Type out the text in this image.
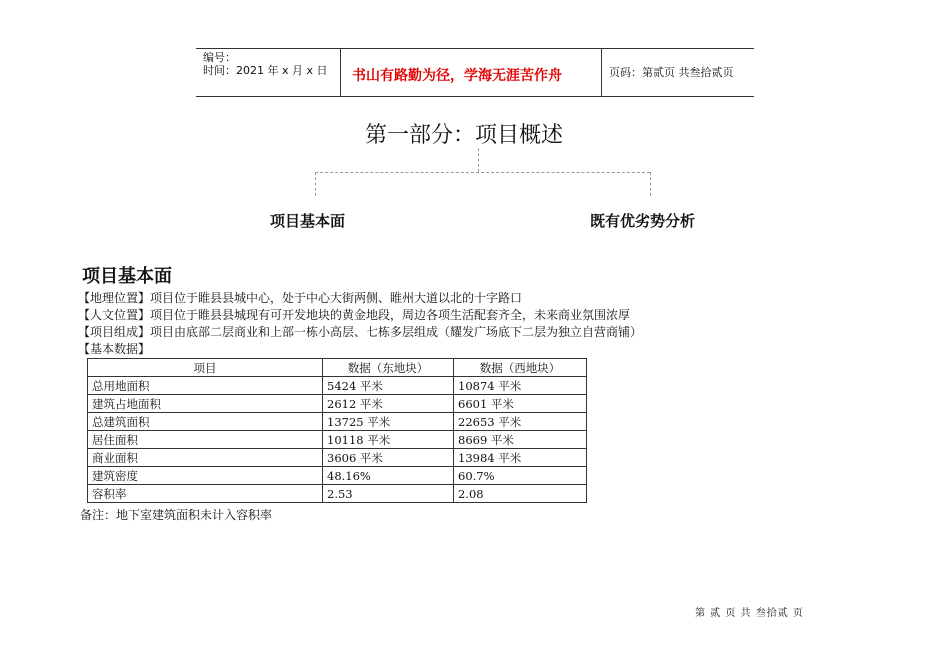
编号：
时间：2021 年 x 月 x 日 书山有路勤为径，学海无涯苦作舟	页码：第贰页 共叁拾贰页
第一部分：项目概述
项目基本面	既有优劣势分析
项目基本面
【地理位置】项目位于睢县县城中心，处于中心大街两侧、睢州大道以北的十字路口
【人文位置】项目位于睢县县城现有可开发地块的黄金地段，周边各项生活配套齐全，未来商业氛围浓厚
【项目组成】项目由底部二层商业和上部一栋小高层、七栋多层组成（耀发广场底下二层为独立自营商铺）
【基本数据】
项目	数据（东地块）	数据（西地块）
总用地面积	5424 平米	10874 平米
建筑占地面积	2612 平米	6601 平米
总建筑面积	13725 平米	22653 平米
居住面积	10118 平米	8669 平米
商业面积	3606 平米	13984 平米
建筑密度	48.16%	60.7%
容积率	2.53	2.08
备注：地下室建筑面积未计入容积率
第 贰 页 共 叁拾贰 页
